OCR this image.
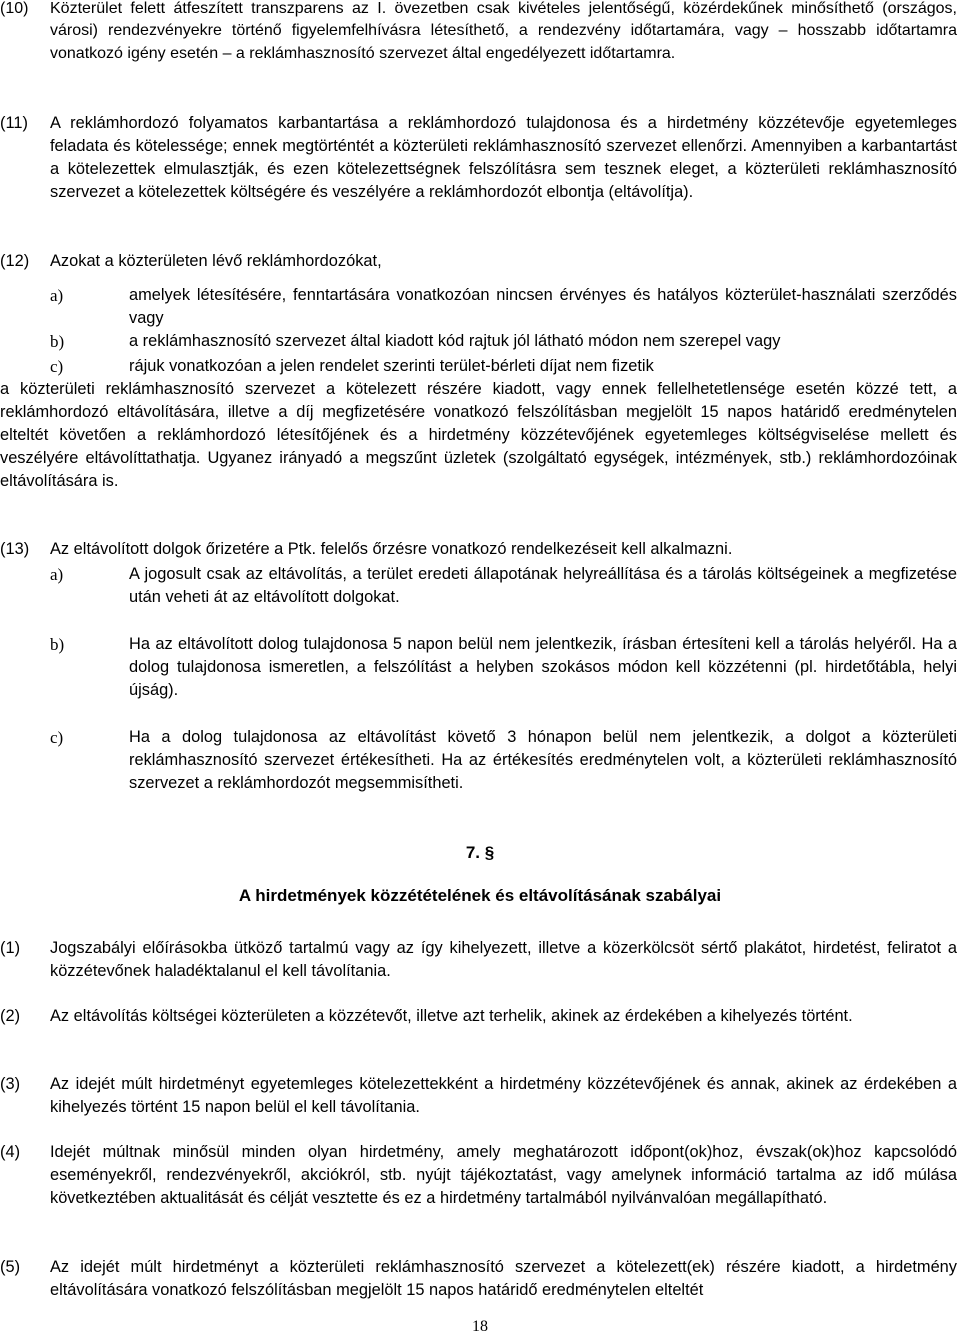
(10)	Közterület felett átfeszített transzparens az I. övezetben csak kivételes jelentőségű, közérdekűnek minősíthető (országos, városi) rendezvényekre történő figyelemfelhívásra létesíthető, a rendezvény időtartamára, vagy – hosszabb időtartamra vonatkozó igény esetén – a reklámhasznosító szervezet által engedélyezett időtartamra.
(11)	A reklámhordozó folyamatos karbantartása a reklámhordozó tulajdonosa és a hirdetmény közzétevője egyetemleges feladata és kötelessége; ennek megtörténtét a közterületi reklámhasznosító szervezet ellenőrzi. Amennyiben a karbantartást a kötelezettek elmulasztják, és ezen kötelezettségnek felszólításra sem tesznek eleget, a közterületi reklámhasznosító szervezet a kötelezettek költségére és veszélyére a reklámhordozót elbontja (eltávolítja).
(12)	Azokat a közterületen lévő reklámhordozókat,
a)	amelyek létesítésére, fenntartására vonatkozóan nincsen érvényes és hatályos közterület-használati szerződés vagy
b)	a reklámhasznosító szervezet által kiadott kód rajtuk jól látható módon nem szerepel vagy
c)	rájuk vonatkozóan a jelen rendelet szerinti terület-bérleti díjat nem fizetik
a közterületi reklámhasznosító szervezet a kötelezett részére kiadott, vagy ennek fellelhetetlensége esetén közzé tett, a reklámhordozó eltávolítására, illetve a díj megfizetésére vonatkozó felszólításban megjelölt 15 napos határidő eredménytelen elteltét követően a reklámhordozó létesítőjének és a hirdetmény közzétevőjének egyetemleges költségviselése mellett és veszélyére eltávolíttathatja. Ugyanez irányadó a megszűnt üzletek (szolgáltató egységek, intézmények, stb.) reklámhordozóinak eltávolítására is.
(13)	Az eltávolított dolgok őrizetére a Ptk. felelős őrzésre vonatkozó rendelkezéseit kell alkalmazni.
a)	A jogosult csak az eltávolítás, a terület eredeti állapotának helyreállítása és a tárolás költségeinek a megfizetése után veheti át az eltávolított dolgokat.
b)	Ha az eltávolított dolog tulajdonosa 5 napon belül nem jelentkezik, írásban értesíteni kell a tárolás helyéről. Ha a dolog tulajdonosa ismeretlen, a felszólítást a helyben szokásos módon kell közzétenni (pl. hirdetőtábla, helyi újság).
c)	Ha a dolog tulajdonosa az eltávolítást követő 3 hónapon belül nem jelentkezik, a dolgot a közterületi reklámhasznosító szervezet értékesítheti. Ha az értékesítés eredménytelen volt, a közterületi reklámhasznosító szervezet a reklámhordozót megsemmisítheti.
7. §
A hirdetmények közzétételének és eltávolításának szabályai
(1)	Jogszabályi előírásokba ütköző tartalmú vagy az így kihelyezett, illetve a közerkölcsöt sértő plakátot, hirdetést, feliratot a közzétevőnek haladéktalanul el kell távolítania.
(2)	Az eltávolítás költségei közterületen a közzétevőt, illetve azt terhelik, akinek az érdekében a kihelyezés történt.
(3)	Az idejét múlt hirdetményt egyetemleges kötelezettekként a hirdetmény közzétevőjének és annak, akinek az érdekében a kihelyezés történt 15 napon belül el kell távolítania.
(4)	Idejét múltnak minősül minden olyan hirdetmény, amely meghatározott időpont(ok)hoz, évszak(ok)hoz kapcsolódó eseményekről, rendezvényekről, akciókról, stb. nyújt tájékoztatást, vagy amelynek információ tartalma az idő múlása következtében aktualitását és célját vesztette és ez a hirdetmény tartalmából nyilvánvalóan megállapítható.
(5)	Az idejét múlt hirdetményt a közterületi reklámhasznosító szervezet a kötelezett(ek) részére kiadott, a hirdetmény eltávolítására vonatkozó felszólításban megjelölt 15 napos határidő eredménytelen elteltét
18
